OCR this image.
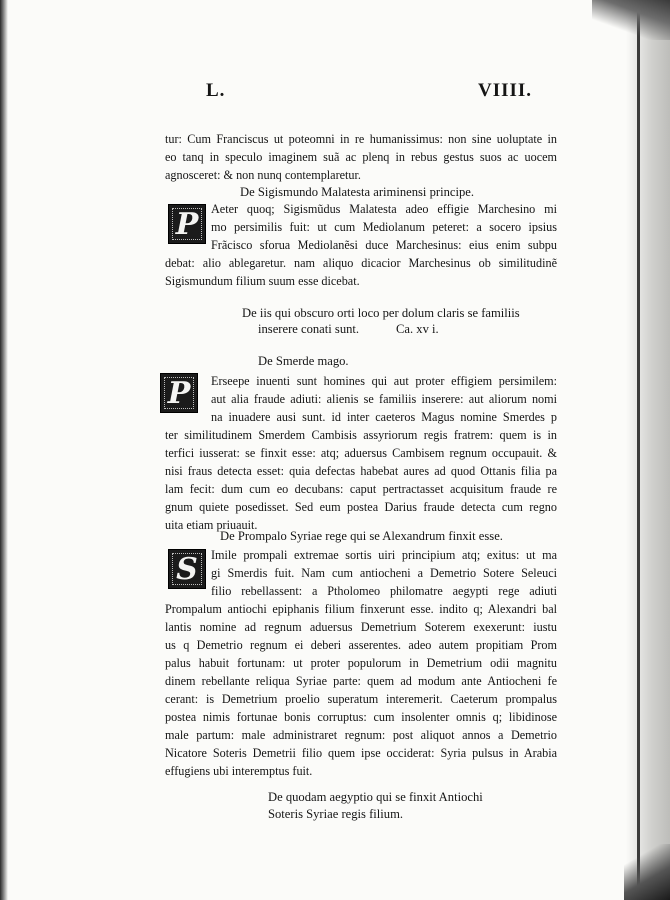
L.	VIIII.
tur: Cum Franciscus ut poteomni in re humanissimus: non sine uoluptate in
eo tanq in speculo imaginem suã ac plenq in rebus gestus suos ac uocem
agnosceret: & non nunq contemplaretur.
De Sigismundo Malatesta ariminensi principe.
P	Aeter quoq; Sigismũdus Malatesta adeo effigie Marchesino mi
mo persimilis fuit: ut cum Mediolanum peteret: a socero ipsius
Frãcisco sforua Mediolanẽsi duce Marchesinus: eius enim subpu
debat: alio ablegaretur. nam aliquo dicacior Marchesinus ob similitudinẽ
Sigismundum filium suum esse dicebat.
De iis qui obscuro orti loco per dolum claris se familiis
inserere conati sunt.	Ca. xv i.
De Smerde mago.
P	Erseepe inuenti sunt homines qui aut proter effigiem persimilem:
aut alia fraude adiuti: alienis se familiis inserere: aut aliorum nomi
na inuadere ausi sunt. id inter caeteros Magus nomine Smerdes p
ter similitudinem Smerdem Cambisis assyriorum regis fratrem: quem is in
terfici iusserat: se finxit esse: atq; aduersus Cambisem regnum occupauit. &
nisi fraus detecta esset: quia defectas habebat aures ad quod Ottanis filia pa
lam fecit: dum cum eo decubans: caput pertractasset acquisitum fraude re
gnum quiete posedisset. Sed eum postea Darius fraude detecta cum regno
uita etiam priuauit.
De Prompalo Syriae rege qui se Alexandrum finxit esse.
S	Imile prompali extremae sortis uiri principium atq; exitus: ut ma
gi Smerdis fuit. Nam cum antiocheni a Demetrio Sotere Seleuci
filio rebellassent: a Ptholomeo philomatre aegypti rege adiuti
Prompalum antiochi epiphanis filium finxerunt esse. indito q; Alexandri bal
lantis nomine ad regnum aduersus Demetrium Soterem exexerunt: iustu
us q Demetrio regnum ei deberi asserentes. adeo autem propitiam Prom
palus habuit fortunam: ut proter populorum in Demetrium odii magnitu
dinem rebellante reliqua Syriae parte: quem ad modum ante Antiocheni fe
cerant: is Demetrium proelio superatum interemerit. Caeterum prompalus
postea nimis fortunae bonis corruptus: cum insolenter omnis q; libidinose
male partum: male administraret regnum: post aliquot annos a Demetrio
Nicatore Soteris Demetrii filio quem ipse occiderat: Syria pulsus in Arabia
effugiens ubi interemptus fuit.
De quodam aegyptio qui se finxit Antiochi
Soteris Syriae regis filium.
